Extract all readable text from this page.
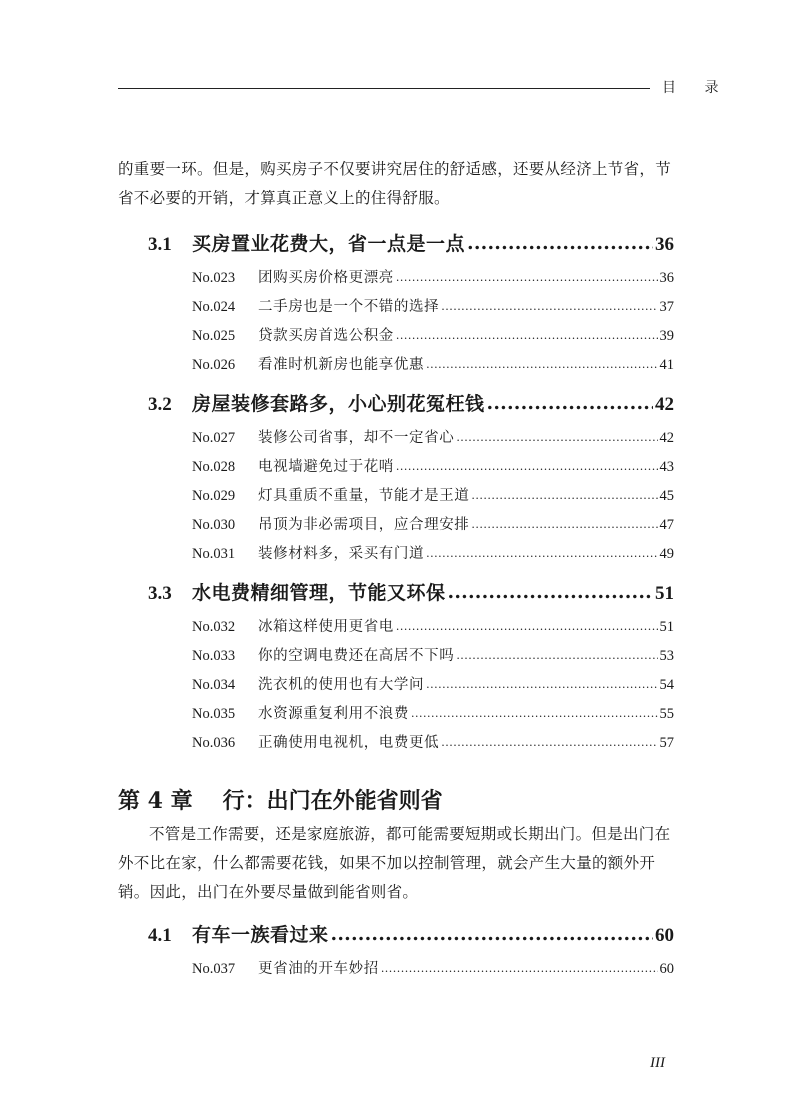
目 录

的重要一环。但是，购买房子不仅要讲究居住的舒适感，还要从经济上节省，节省不必要的开销，才算真正意义上的住得舒服。

3.1	买房置业花费大，省一点是一点 .....	36
No.023	团购买房价格更漂亮 .....	36
No.024	二手房也是一个不错的选择 .....	37
No.025	贷款买房首选公积金 .....	39
No.026	看准时机新房也能享优惠 .....	41
3.2	房屋装修套路多，小心别花冤枉钱 .....	42
No.027	装修公司省事，却不一定省心 .....	42
No.028	电视墙避免过于花哨 .....	43
No.029	灯具重质不重量，节能才是王道 .....	45
No.030	吊顶为非必需项目，应合理安排 .....	47
No.031	装修材料多，采买有门道 .....	49
3.3	水电费精细管理，节能又环保 .....	51
No.032	冰箱这样使用更省电 .....	51
No.033	你的空调电费还在高居不下吗 .....	53
No.034	洗衣机的使用也有大学问 .....	54
No.035	水资源重复利用不浪费 .....	55
No.036	正确使用电视机，电费更低 .....	57
第 4 章 行：出门在外能省则省

不管是工作需要，还是家庭旅游，都可能需要短期或长期出门。但是出门在外不比在家，什么都需要花钱，如果不加以控制管理，就会产生大量的额外开销。因此，出门在外要尽量做到能省则省。

4.1	有车一族看过来 .....	60
No.037	更省油的开车妙招 .....	60
III
